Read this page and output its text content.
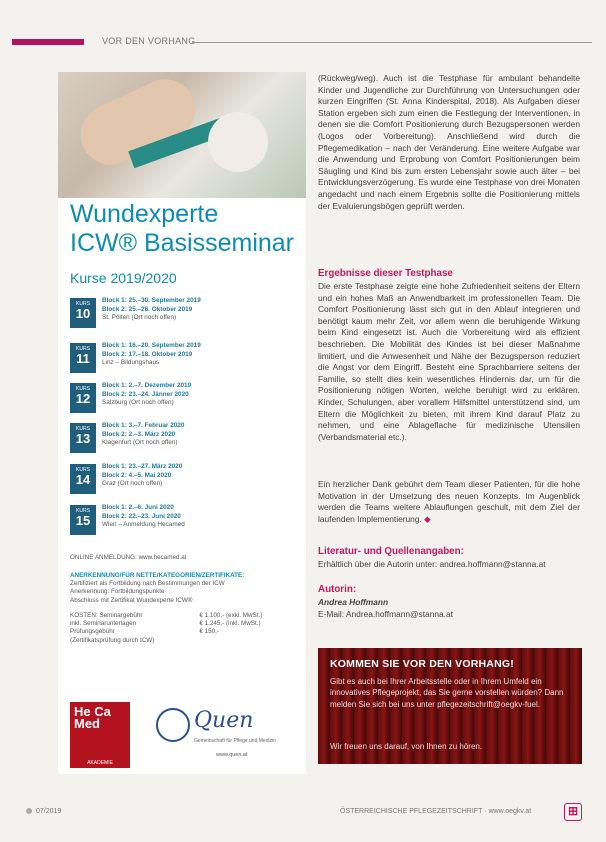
VOR DEN VORHANG
Wundexperte
ICW® Basisseminar
Kurse 2019/2020
KURS
10
Block 1: 25.–30. September 2019
Block 2: 25.–26. Oktober 2019
St. Pölten (Ort noch offen)
KURS
11
Block 1: 16.–20. September 2019
Block 2: 17.–18. Oktober 2019
Linz – Bildungshaus
KURS
12
Block 1: 2.–7. Dezember 2019
Block 2: 23.–24. Jänner 2020
Salzburg (Ort noch offen)
KURS
13
Block 1: 3.–7. Februar 2020
Block 2: 2.–3. März 2020
Klagenfurt (Ort noch offen)
KURS
14
Block 1: 23.–27. März 2020
Block 2: 4.–5. Mai 2020
Graz (Ort noch offen)
KURS
15
Block 1: 2.–6. Juni 2020
Block 2: 22.–23. Juni 2020
Wien – Anmeldung Hecamed
ONLINE ANMELDUNG: www.hecamed.at
ANERKENNUNG/FÜR NETTE/KATEGORIEN/ZERTIFIKATE:
Zertifiziert als Fortbildung nach Bestimmungen der ICW
Anerkennung: Fortbildungspunkte
Abschluss mit Zertifikat Wundexperte ICW®
KOSTEN: Seminargebühr	€ 1.100,- (exkl. MwSt.)
inkl. Seminarunterlagen	€ 1.245,- (inkl. MwSt.)
Prüfungsgebühr	€ 150,-
(Zertifikatsprüfung durch ICW)	
He Ca Med
AKADEMIE
Quen
Gemeinschaft für Pflege und Medizin
www.quen.at

(Rückweg/weg). Auch ist die Testphase für ambulant behandelte Kinder und Jugendliche zur Durchführung von Untersuchungen oder kurzen Eingriffen (St. Anna Kinderspital, 2018). Als Aufgaben dieser Station ergeben sich zum einen die Festlegung der Interventionen, in denen sie die Comfort Positionierung durch Bezugspersonen werden (Logos oder Vorbereitung). Anschließend wird durch die Pflegemedikation – nach der Veränderung. Eine weitere Aufgabe war die Anwendung und Erprobung von Comfort Positionierungen beim Säugling und Kind bis zum ersten Lebensjahr sowie auch älter – bei Entwicklungsverzögerung. Es wurde eine Testphase von drei Monaten angedacht und nach einem Ergebnis sollte die Positionierung mittels der Evaluierungsbögen geprüft werden.

Ergebnisse dieser Testphase

Die erste Testphase zeigte eine hohe Zufriedenheit seitens der Eltern und ein hohes Maß an Anwendbarkeit im professionellen Team. Die Comfort Positionierung lässt sich gut in den Ablauf integrieren und benötigt kaum mehr Zeit, vor allem wenn die beruhigende Wirkung beim Kind eingesetzt ist. Auch die Vorbereitung wird als effizient beschrieben. Die Mobilität des Kindes ist bei dieser Maßnahme limitiert, und die Anwesenheit und Nähe der Bezugsperson reduziert die Angst vor dem Eingriff. Besteht eine Sprachbarriere seitens der Familie, so stellt dies kein wesentliches Hindernis dar, um für die Positionierung nötigen Worten, welche beruhigt wird zu erklären. Kinder, Schulungen, aber vorallem Hilfsmittel unterstützend sind, um Eltern die Möglichkeit zu bieten, mit ihrem Kind darauf Platz zu nehmen, und eine Ablageflache für medizinische Utensilien (Verbandsmaterial etc.).

Ein herzlicher Dank gebührt dem Team dieser Patienten, für die hohe Motivation in der Umsetzung des neuen Konzepts. Im Augenblick werden die Teams weitere Ablauflungen geschult, mit dem Ziel der laufenden Implementierung. ◆

Literatur- und Quellenangaben:
Erhältlich über die Autorin unter: andrea.hoffmann@stanna.at
Autorin:
Andrea Hoffmann
E-Mail: Andrea.hoffmann@stanna.at
KOMMEN SIE VOR DEN VORHANG!
Gibt es auch bei Ihrer Arbeitsstelle oder in Ihrem Umfeld ein innovatives Pflegeprojekt, das Sie gerne vorstellen würden? Dann melden Sie sich bei uns unter pflegezeitschrift@oegkv-fuel.
Wir freuen uns darauf, von Ihnen zu hören.
07/2019	ÖSTERREICHISCHE PFLEGEZEITSCHRIFT · www.oegkv.at	⊞
